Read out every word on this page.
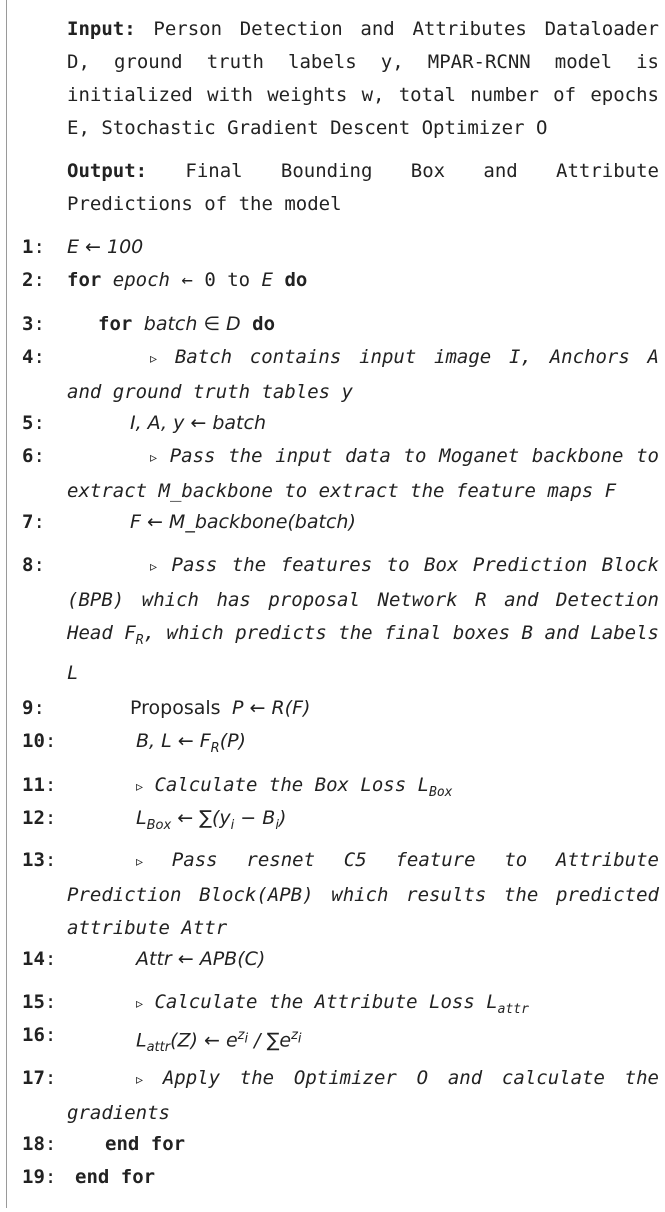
Input: Person Detection and Attributes Dataloader D, ground truth labels y, MPAR-RCNN model is initialized with weights w, total number of epochs E, Stochastic Gradient Descent Optimizer O
Output: Final Bounding Box and Attribute Predictions of the model
1: E ← 100
2: for epoch ← 0 to E do
3:	for batch ∈ D do
4:	▹ Batch contains input image I, Anchors A and ground truth tables y
5:	I, A, y ← batch
6:	▹ Pass the input data to Moganet backbone to extract M_backbone to extract the feature maps F
7:	F ← M_backbone(batch)
8:	▹ Pass the features to Box Prediction Block (BPB) which has proposal Network R and Detection Head $F_R$, which predicts the final boxes B and Labels L
9:	Proposals P ← R(F)
10:	B, L ← $F_R(P)$
11:	▹ Calculate the Box Loss $L_{Box}$
12:	$L_{Box}$ ← $\sum(y_i - B_i)$
13:	▹ Pass resnet C5 feature to Attribute Prediction Block(APB) which results the predicted attribute Attr
14:	Attr ← APB(C)
15:	▹ Calculate the Attribute Loss $L_{attr}$
16:	$L_{attr}(Z)$ ← $e^{z_i} / \sum e^{z_i}$
17:	▹ Apply the Optimizer O and calculate the gradients
18:	end for
19: end for
